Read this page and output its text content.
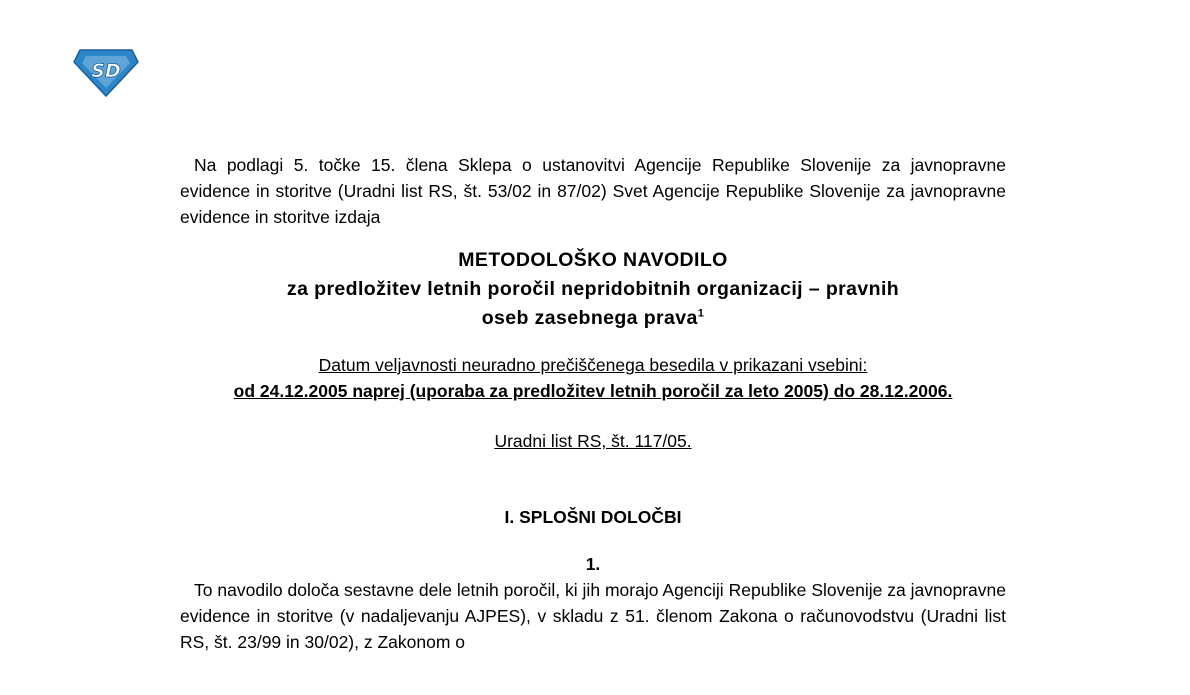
SD

Na podlagi 5. točke 15. člena Sklepa o ustanovitvi Agencije Republike Slovenije za javnopravne evidence in storitve (Uradni list RS, št. 53/02 in 87/02) Svet Agencije Republike Slovenije za javnopravne evidence in storitve izdaja

METODOLOŠKO NAVODILO
za predložitev letnih poročil nepridobitnih organizacij – pravnih
oseb zasebnega prava$^1$
Datum veljavnosti neuradno prečiščenega besedila v prikazani vsebini:
od 24.12.2005 naprej (uporaba za predložitev letnih poročil za leto 2005) do 28.12.2006.
Uradni list RS, št. 117/05.
I. SPLOŠNI DOLOČBI
1.

To navodilo določa sestavne dele letnih poročil, ki jih morajo Agenciji Republike Slovenije za javnopravne evidence in storitve (v nadaljevanju AJPES), v skladu z 51. členom Zakona o računovodstvu (Uradni list RS, št. 23/99 in 30/02), z Zakonom o
